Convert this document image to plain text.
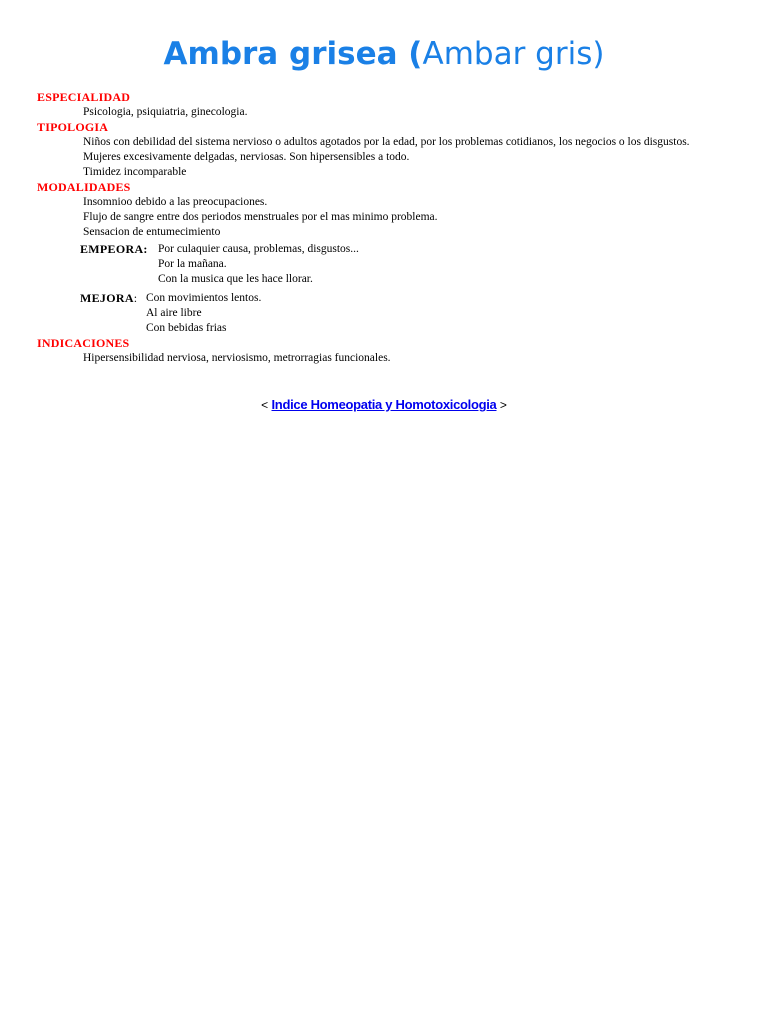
Ambra grisea (Ambar gris)
ESPECIALIDAD
Psicologia, psiquiatria, ginecologia.
TIPOLOGIA
Niños con debilidad del sistema nervioso o adultos agotados por la edad, por los problemas cotidianos, los negocios o los disgustos.
Mujeres excesivamente delgadas, nerviosas. Son hipersensibles a todo.
Timidez incomparable
MODALIDADES
Insomnioo debido a las preocupaciones.
Flujo de sangre entre dos periodos menstruales por el mas minimo problema.
Sensacion de entumecimiento
EMPEORA: Por culaquier causa, problemas, disgustos...
Por la mañana.
Con la musica que les hace llorar.
MEJORA: Con movimientos lentos.
Al aire libre
Con bebidas frias
INDICACIONES
Hipersensibilidad nerviosa, nerviosismo, metrorragias funcionales.
< Indice Homeopatia y Homotoxicologia >
